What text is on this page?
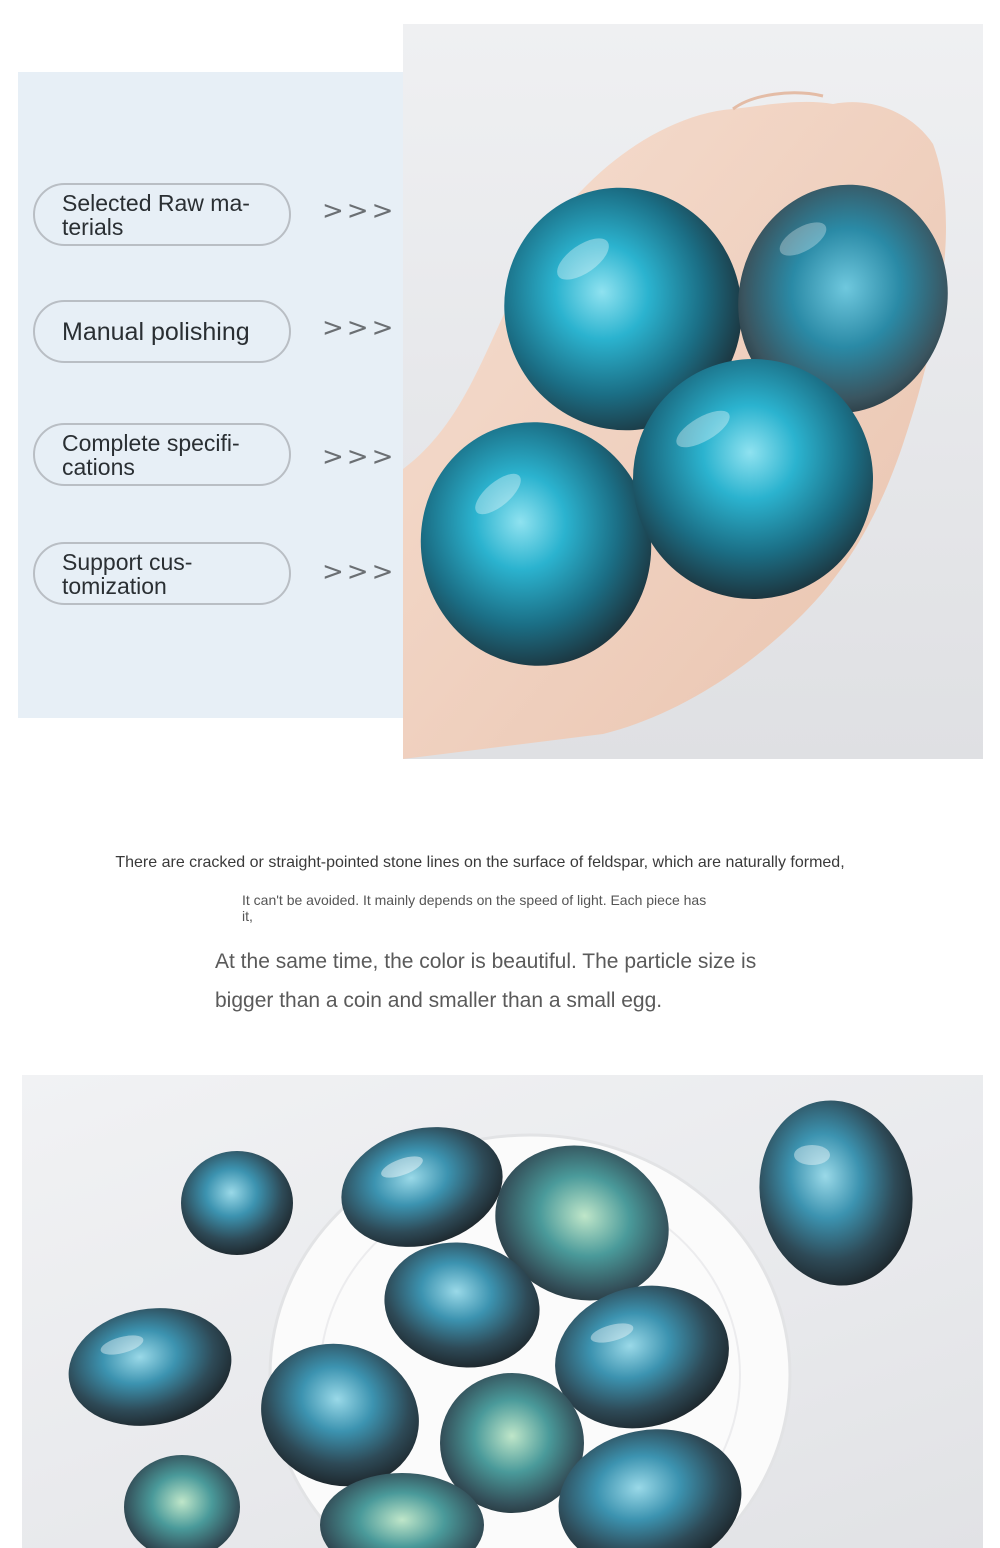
Selected Raw ma-
terials
>>>
Manual polishing	>>>
Complete specifi-
cations	>>>
Support cus-
tomization	>>>
There are cracked or straight-pointed stone lines on the surface of feldspar, which are naturally formed,
It can't be avoided. It mainly depends on the speed of light. Each piece has it,
At the same time, the color is beautiful. The particle size is bigger than a coin and smaller than a small egg.
